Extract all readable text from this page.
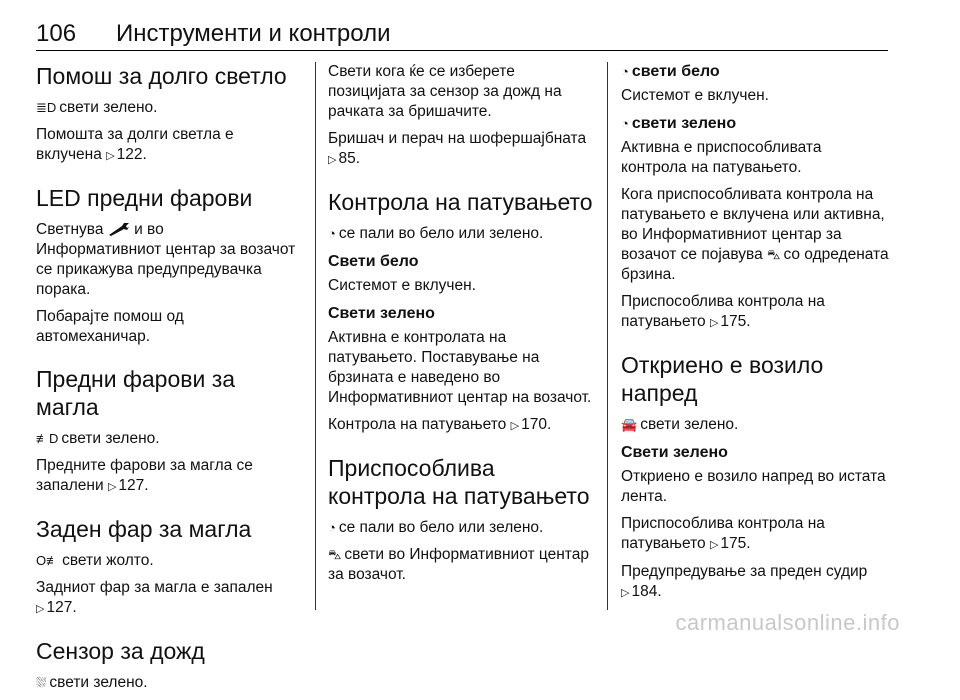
106 Инструменти и контроли
Помош за долго светло

≣D свети зелено.

Помошта за долги светла е
вклучена ▷ 122.

LED предни фарови

Светнува и во
Информативниот центар за возачот се прикажува предупредувачка порака.

Побарајте помош од автомеханичар.

Предни фарови за магла

≢D свети зелено.

Предните фарови за магла се запалени ▷ 127.

Заден фар за магла

O≢ свети жолто.

Задниот фар за магла е запален
▷ 127.

Сензор за дожд

⛆ свети зелено.

Свети кога ќе се изберете позицијата за сензор за дожд на рачката за бришачите.

Бришач и перач на шофершајбната ▷ 85.

Контрола на патувањето

◔ се пали во бело или зелено.

Свети бело

Системот е вклучен.

Свети зелено

Активна е контролата на патувањето. Поставување на брзината е наведено во Информативниот центар на возачот.

Контрола на патувањето ▷ 170.

Приспособлива контрола на патувањето

◔ се пали во бело или зелено.

⛍ свети во Информативниот центар за возачот.

◔ свети бело

Системот е вклучен.

◔ свети зелено

Активна е приспособливата контрола на патувањето.

Кога приспособливата контрола на патувањето е вклучена или активна, во Информативниот центар за возачот се појавува ⛍ со одредената брзина.

Приспособлива контрола на патувањето ▷ 175.

Откриено е возило напред

🚘 свети зелено.

Свети зелено

Откриено е возило напред во истата лента.

Приспособлива контрола на патувањето ▷ 175.

Предупредување за преден судир
▷ 184.

carmanualsonline.info
